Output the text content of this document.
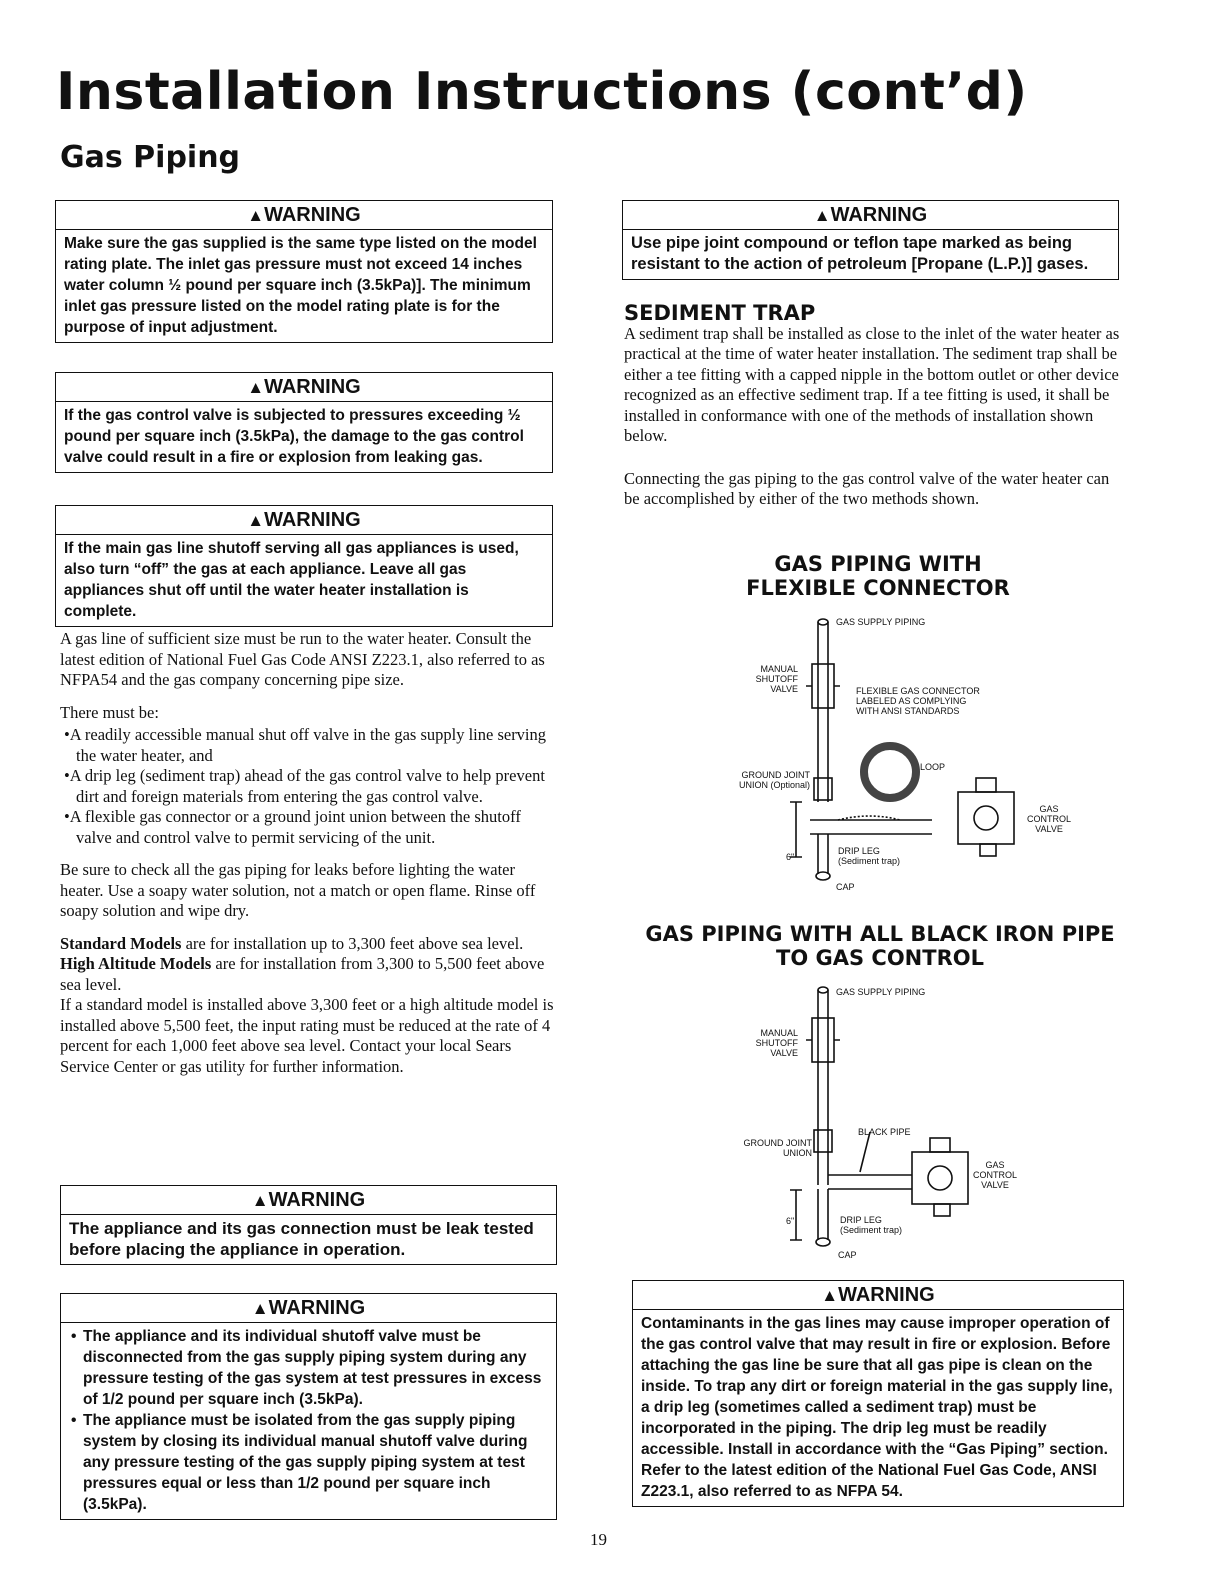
Installation Instructions (cont’d)
Gas Piping
▲WARNING
Make sure the gas supplied is the same type listed on the model rating plate. The inlet gas pressure must not exceed 14 inches water column ½ pound per square inch (3.5kPa)]. The minimum inlet gas pressure listed on the model rating plate is for the purpose of input adjustment.
▲WARNING
If the gas control valve is subjected to pressures exceeding ½ pound per square inch (3.5kPa), the damage to the gas control valve could result in a fire or explosion from leaking gas.
▲WARNING
If the main gas line shutoff serving all gas appliances is used, also turn “off” the gas at each appliance. Leave all gas appliances shut off until the water heater installation is complete.

A gas line of sufficient size must be run to the water heater. Consult the latest edition of National Fuel Gas Code ANSI Z223.1, also referred to as NFPA54 and the gas company concerning pipe size.

There must be:

•A readily accessible manual shut off valve in the gas supply line serving the water heater, and
•A drip leg (sediment trap) ahead of the gas control valve to help prevent dirt and foreign materials from entering the gas control valve.
•A flexible gas connector or a ground joint union between the shutoff valve and control valve to permit servicing of the unit.

Be sure to check all the gas piping for leaks before lighting the water heater. Use a soapy water solution, not a match or open flame. Rinse off soapy solution and wipe dry.

Standard Models are for installation up to 3,300 feet above sea level.
High Altitude Models are for installation from 3,300 to 5,500 feet above sea level.
If a standard model is installed above 3,300 feet or a high altitude model is installed above 5,500 feet, the input rating must be reduced at the rate of 4 percent for each 1,000 feet above sea level. Contact your local Sears Service Center or gas utility for further information.
▲WARNING
The appliance and its gas connection must be leak tested before placing the appliance in operation.
▲WARNING
• The appliance and its individual shutoff valve must be disconnected from the gas supply piping system during any pressure testing of the gas system at test pressures in excess of 1/2 pound per square inch (3.5kPa).
• The appliance must be isolated from the gas supply piping system by closing its individual manual shutoff valve during any pressure testing of the gas supply piping system at test pressures equal or less than 1/2 pound per square inch (3.5kPa).
▲WARNING
Use pipe joint compound or teflon tape marked as being resistant to the action of petroleum [Propane (L.P.)] gases.
SEDIMENT TRAP

A sediment trap shall be installed as close to the inlet of the water heater as practical at the time of water heater installation. The sediment trap shall be either a tee fitting with a capped nipple in the bottom outlet or other device recognized as an effective sediment trap. If a tee fitting is used, it shall be installed in conformance with one of the methods of installation shown below.

Connecting the gas piping to the gas control valve of the water heater can be accomplished by either of the two methods shown.

GAS PIPING WITH FLEXIBLE CONNECTOR
GAS SUPPLY PIPING
MANUAL
SHUTOFF
VALVE	FLEXIBLE GAS CONNECTOR
LABELED AS COMPLYING
WITH ANSI STANDARDS
GROUND JOINT
UNION (Optional)
LOOP
GAS
CONTROL
VALVE
6"
DRIP LEG
(Sediment trap)
CAP
GAS PIPING WITH ALL BLACK IRON PIPE TO GAS CONTROL
GAS SUPPLY PIPING
MANUAL
SHUTOFF
VALVE
BLACK PIPE
GROUND JOINT
UNION
GAS
CONTROL
VALVE
6"	DRIP LEG
(Sediment trap)
CAP
▲WARNING
Contaminants in the gas lines may cause improper operation of the gas control valve that may result in fire or explosion. Before attaching the gas line be sure that all gas pipe is clean on the inside. To trap any dirt or foreign material in the gas supply line, a drip leg (sometimes called a sediment trap) must be incorporated in the piping. The drip leg must be readily accessible. Install in accordance with the “Gas Piping” section. Refer to the latest edition of the National Fuel Gas Code, ANSI Z223.1, also referred to as NFPA 54.
19
